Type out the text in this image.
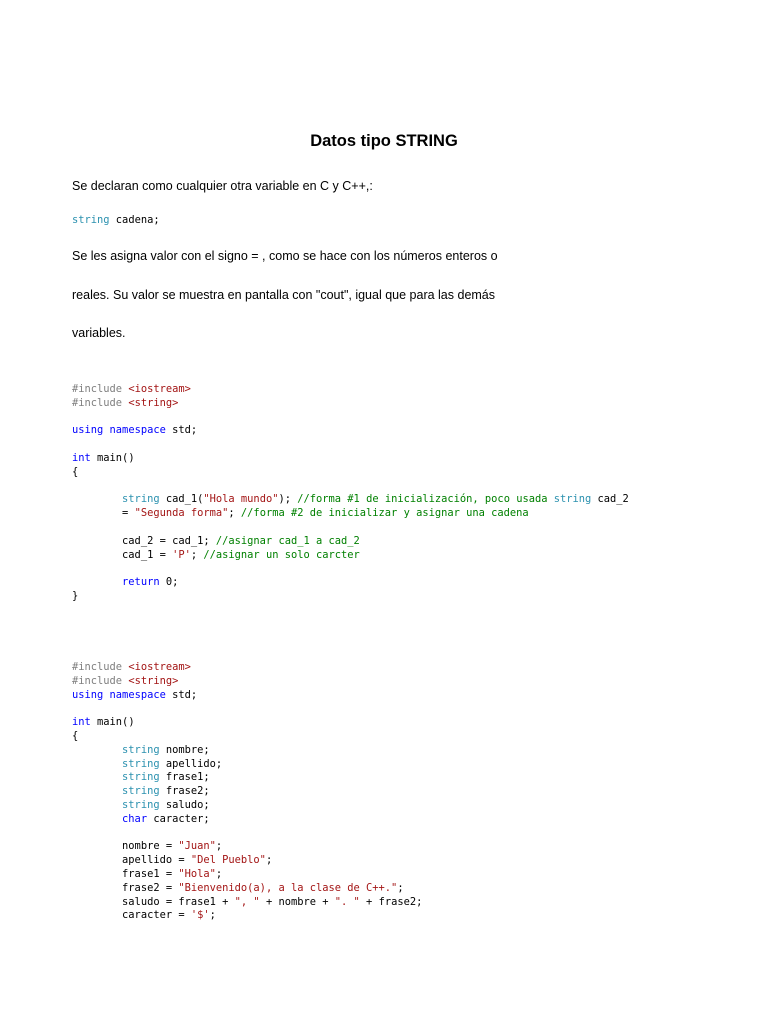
Datos tipo STRING

Se declaran como cualquier otra variable en C y C++,:

string cadena;

Se les asigna valor con el signo = , como se hace con los números enteros o

reales. Su valor se muestra en pantalla con "cout", igual que para las demás

variables.

#include <iostream>
#include <string>

using namespace std;

int main()
{

string cad_1("Hola mundo"); //forma #1 de inicialización, poco usada string cad_2
= "Segunda forma"; //forma #2 de inicializar y asignar una cadena

cad_2 = cad_1; //asignar cad_1 a cad_2
cad_1 = 'P'; //asignar un solo carcter

return 0;
}
#include <iostream>
#include <string>
using namespace std;

int main()
{
string nombre;
string apellido;
string frase1;
string frase2;
string saludo;
char caracter;

nombre = "Juan";
apellido = "Del Pueblo";
frase1 = "Hola";
frase2 = "Bienvenido(a), a la clase de C++.";
saludo = frase1 + ", " + nombre + ". " + frase2;
caracter = '$';
